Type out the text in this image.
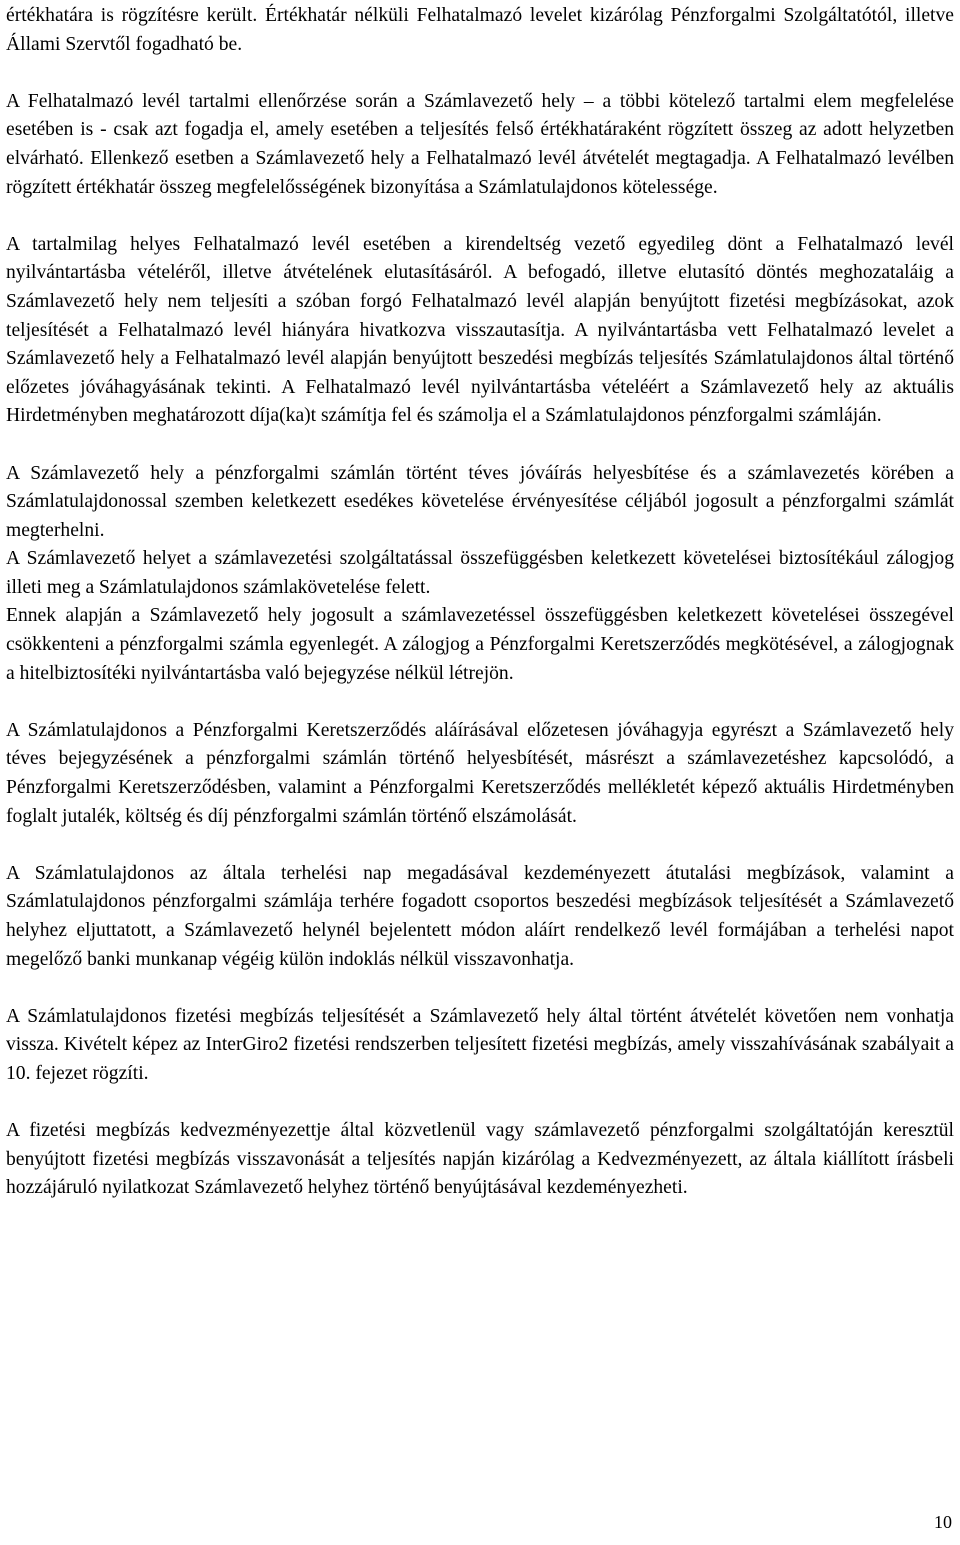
értékhatára is rögzítésre került. Értékhatár nélküli Felhatalmazó levelet kizárólag Pénzforgalmi Szolgáltatótól, illetve Állami Szervtől fogadható be.

A Felhatalmazó levél tartalmi ellenőrzése során a Számlavezető hely – a többi kötelező tartalmi elem megfelelése esetében is - csak azt fogadja el, amely esetében a teljesítés felső értékhatáraként rögzített összeg az adott helyzetben elvárható. Ellenkező esetben a Számlavezető hely a Felhatalmazó levél átvételét megtagadja. A Felhatalmazó levélben rögzített értékhatár összeg megfelelősségének bizonyítása a Számlatulajdonos kötelessége.

A tartalmilag helyes Felhatalmazó levél esetében a kirendeltség vezető egyedileg dönt a Felhatalmazó levél nyilvántartásba vételéről, illetve átvételének elutasításáról. A befogadó, illetve elutasító döntés meghozataláig a Számlavezető hely nem teljesíti a szóban forgó Felhatalmazó levél alapján benyújtott fizetési megbízásokat, azok teljesítését a Felhatalmazó levél hiányára hivatkozva visszautasítja. A nyilvántartásba vett Felhatalmazó levelet a Számlavezető hely a Felhatalmazó levél alapján benyújtott beszedési megbízás teljesítés Számlatulajdonos által történő előzetes jóváhagyásának tekinti. A Felhatalmazó levél nyilvántartásba vételéért a Számlavezető hely az aktuális Hirdetményben meghatározott díja(ka)t számítja fel és számolja el a Számlatulajdonos pénzforgalmi számláján.

A Számlavezető hely a pénzforgalmi számlán történt téves jóváírás helyesbítése és a számlavezetés körében a Számlatulajdonossal szemben keletkezett esedékes követelése érvényesítése céljából jogosult a pénzforgalmi számlát megterhelni.

A Számlavezető helyet a számlavezetési szolgáltatással összefüggésben keletkezett követelései biztosítékául zálogjog illeti meg a Számlatulajdonos számlakövetelése felett.

Ennek alapján a Számlavezető hely jogosult a számlavezetéssel összefüggésben keletkezett követelései összegével csökkenteni a pénzforgalmi számla egyenlegét. A zálogjog a Pénzforgalmi Keretszerződés megkötésével, a zálogjognak a hitelbiztosítéki nyilvántartásba való bejegyzése nélkül létrejön.

A Számlatulajdonos a Pénzforgalmi Keretszerződés aláírásával előzetesen jóváhagyja egyrészt a Számlavezető hely téves bejegyzésének a pénzforgalmi számlán történő helyesbítését, másrészt a számlavezetéshez kapcsolódó, a Pénzforgalmi Keretszerződésben, valamint a Pénzforgalmi Keretszerződés mellékletét képező aktuális Hirdetményben foglalt jutalék, költség és díj pénzforgalmi számlán történő elszámolását.

A Számlatulajdonos az általa terhelési nap megadásával kezdeményezett átutalási megbízások, valamint a Számlatulajdonos pénzforgalmi számlája terhére fogadott csoportos beszedési megbízások teljesítését a Számlavezető helyhez eljuttatott, a Számlavezető helynél bejelentett módon aláírt rendelkező levél formájában a terhelési napot megelőző banki munkanap végéig külön indoklás nélkül visszavonhatja.

A Számlatulajdonos fizetési megbízás teljesítését a Számlavezető hely által történt átvételét követően nem vonhatja vissza. Kivételt képez az InterGiro2 fizetési rendszerben teljesített fizetési megbízás, amely visszahívásának szabályait a 10. fejezet rögzíti.

A fizetési megbízás kedvezményezettje által közvetlenül vagy számlavezető pénzforgalmi szolgáltatóján keresztül benyújtott fizetési megbízás visszavonását a teljesítés napján kizárólag a Kedvezményezett, az általa kiállított írásbeli hozzájáruló nyilatkozat Számlavezető helyhez történő benyújtásával kezdeményezheti.

10
